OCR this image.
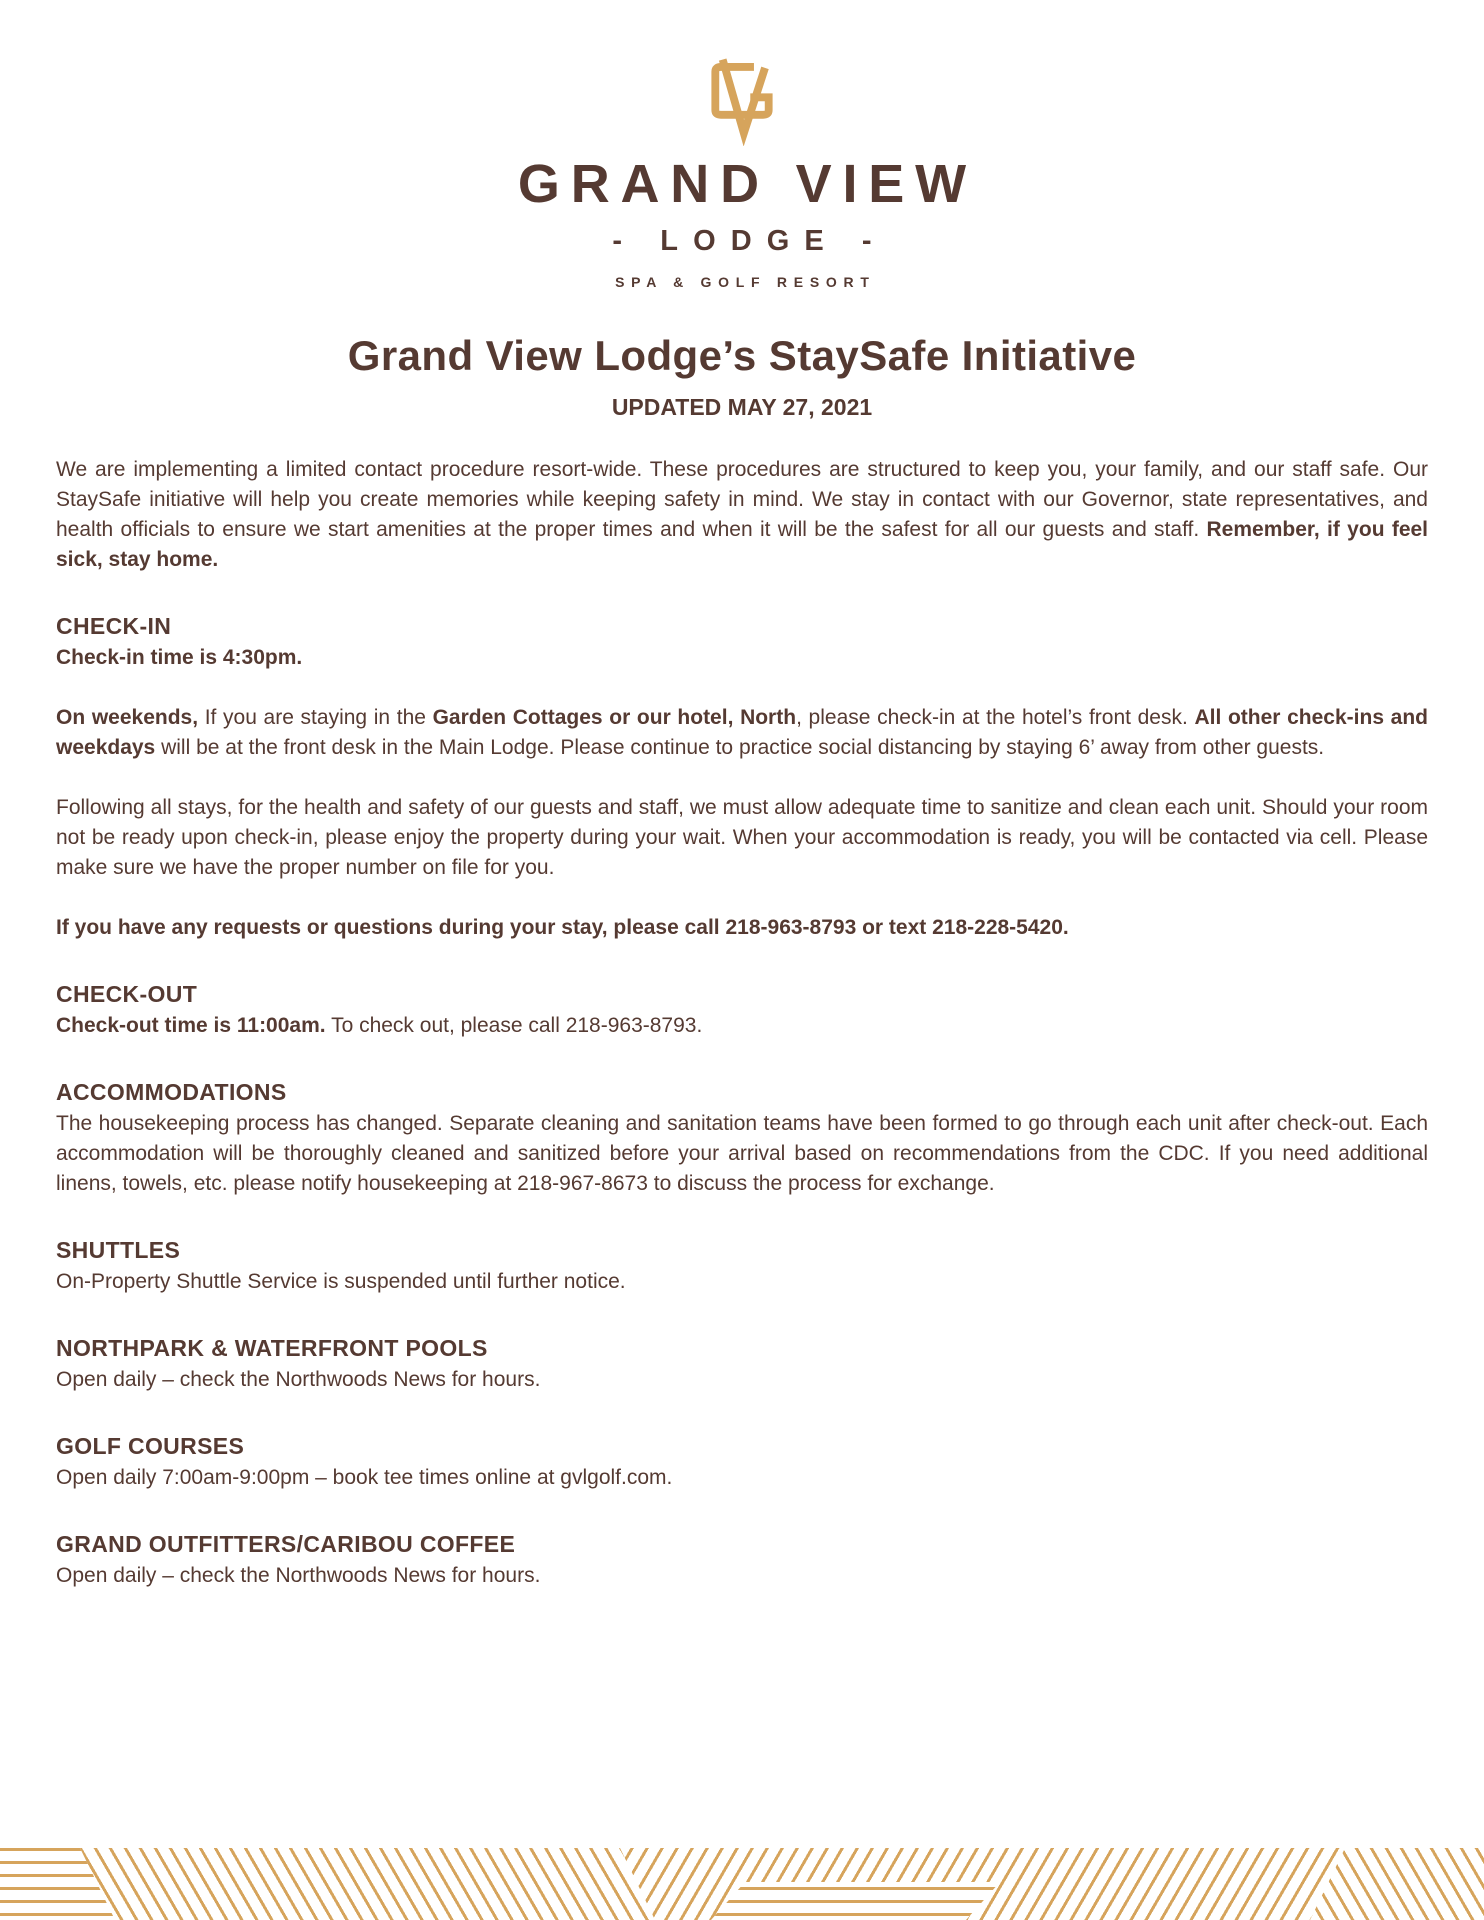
GRAND VIEW
- LODGE -
SPA & GOLF RESORT
Grand View Lodge’s StaySafe Initiative
UPDATED MAY 27, 2021

We are implementing a limited contact procedure resort-wide. These procedures are structured to keep you, your family, and our staff safe. Our StaySafe initiative will help you create memories while keeping safety in mind. We stay in contact with our Governor, state representatives, and health officials to ensure we start amenities at the proper times and when it will be the safest for all our guests and staff. Remember, if you feel sick, stay home.

CHECK-IN

Check-in time is 4:30pm.

On weekends, If you are staying in the Garden Cottages or our hotel, North, please check-in at the hotel’s front desk. All other check-ins and weekdays will be at the front desk in the Main Lodge. Please continue to practice social distancing by staying 6’ away from other guests.

Following all stays, for the health and safety of our guests and staff, we must allow adequate time to sanitize and clean each unit. Should your room not be ready upon check-in, please enjoy the property during your wait. When your accommodation is ready, you will be contacted via cell. Please make sure we have the proper number on file for you.

If you have any requests or questions during your stay, please call 218-963-8793 or text 218-228-5420.

CHECK-OUT

Check-out time is 11:00am. To check out, please call 218-963-8793.

ACCOMMODATIONS

The housekeeping process has changed. Separate cleaning and sanitation teams have been formed to go through each unit after check-out. Each accommodation will be thoroughly cleaned and sanitized before your arrival based on recommendations from the CDC. If you need additional linens, towels, etc. please notify housekeeping at 218-967-8673 to discuss the process for exchange.

SHUTTLES

On-Property Shuttle Service is suspended until further notice.

NORTHPARK & WATERFRONT POOLS

Open daily – check the Northwoods News for hours.

GOLF COURSES

Open daily 7:00am-9:00pm – book tee times online at gvlgolf.com.

GRAND OUTFITTERS/CARIBOU COFFEE

Open daily – check the Northwoods News for hours.
